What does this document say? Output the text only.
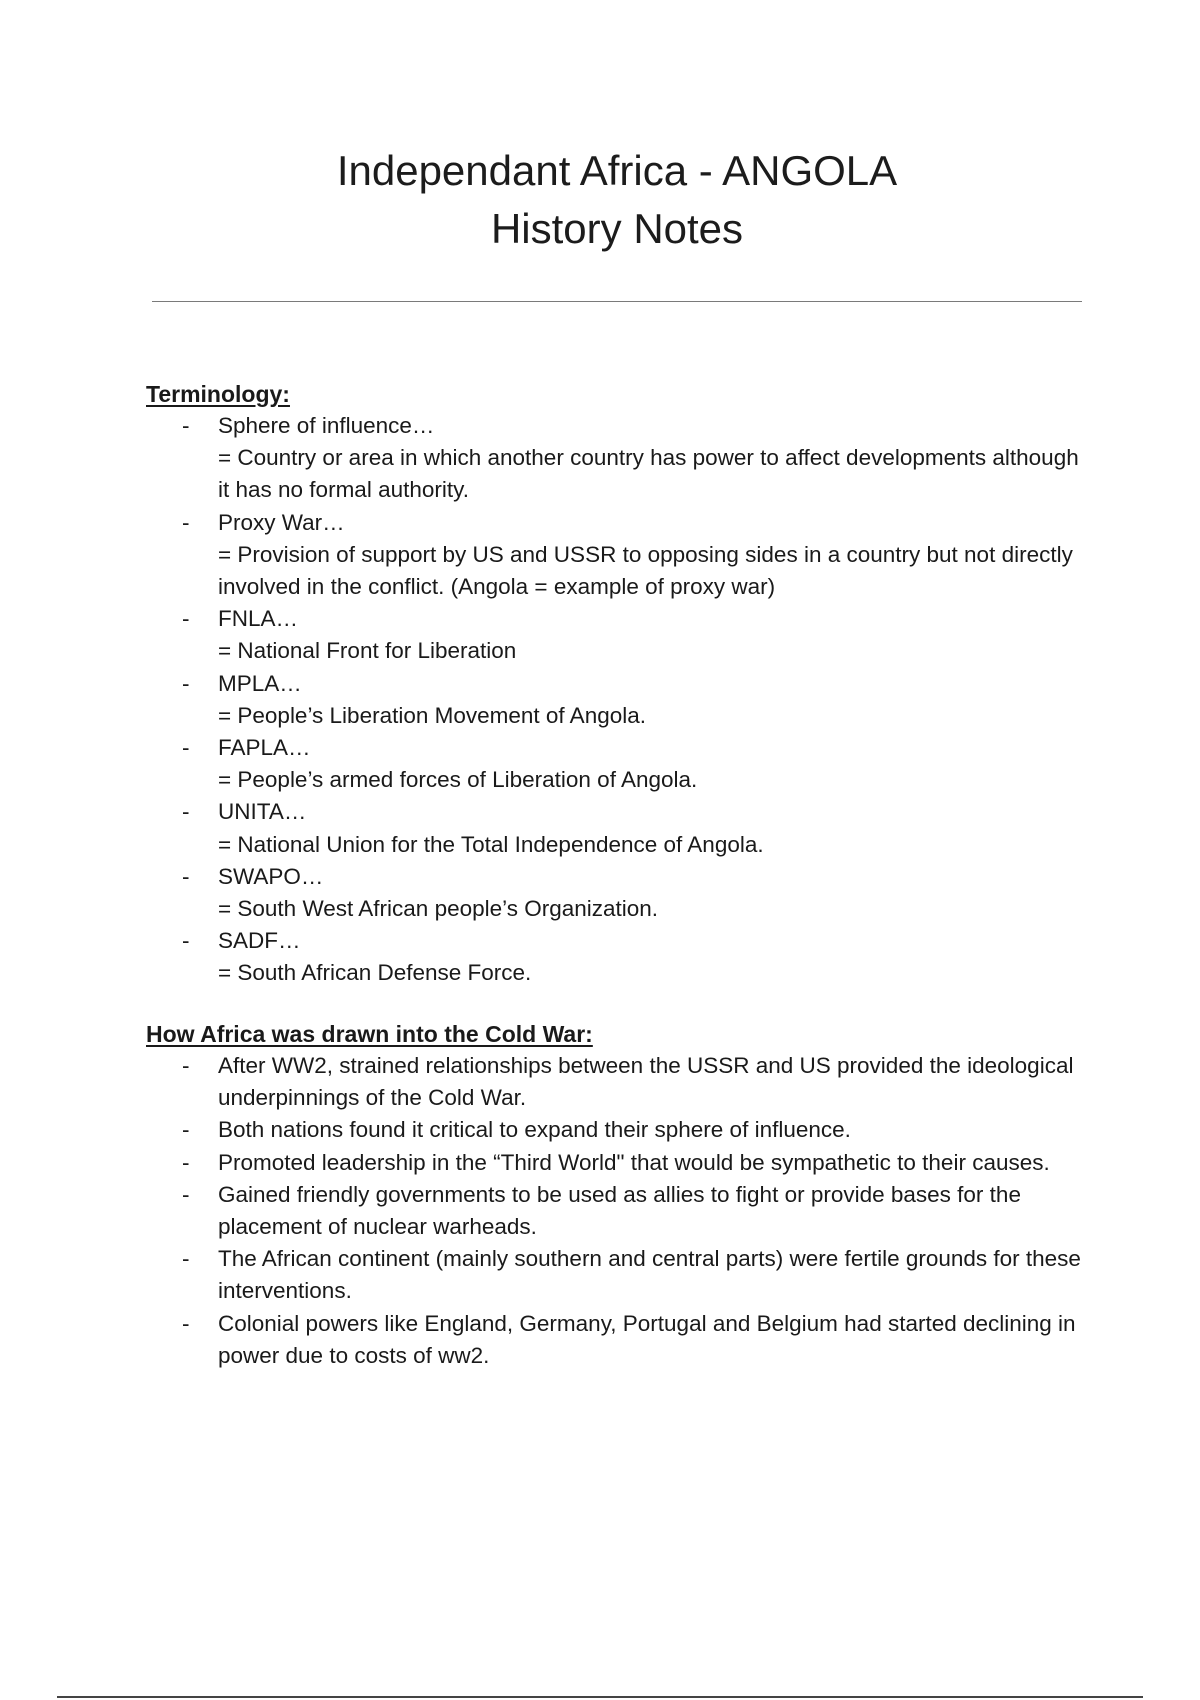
Independant Africa - ANGOLA
History Notes
Terminology:
- Sphere of influence…
= Country or area in which another country has power to affect developments although it has no formal authority.
- Proxy War…
= Provision of support by US and USSR to opposing sides in a country but not directly involved in the conflict. (Angola = example of proxy war)
- FNLA…
= National Front for Liberation
- MPLA…
= People’s Liberation Movement of Angola.
- FAPLA…
= People’s armed forces of Liberation of Angola.
- UNITA…
= National Union for the Total Independence of Angola.
- SWAPO…
= South West African people’s Organization.
- SADF…
= South African Defense Force.
How Africa was drawn into the Cold War:
- After WW2, strained relationships between the USSR and US provided the ideological underpinnings of the Cold War.
- Both nations found it critical to expand their sphere of influence.
- Promoted leadership in the “Third World" that would be sympathetic to their causes.
- Gained friendly governments to be used as allies to fight or provide bases for the placement of nuclear warheads.
- The African continent (mainly southern and central parts) were fertile grounds for these interventions.
- Colonial powers like England, Germany, Portugal and Belgium had started declining in power due to costs of ww2.
